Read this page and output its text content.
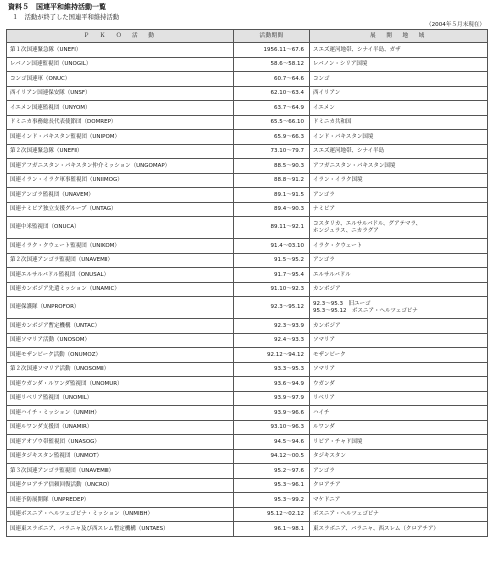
資料５　国連平和維持活動一覧
１　活動が終了した国連平和維持活動
（2004年５月末現在）
Ｐ　Ｋ　Ｏ　活　動	活動期間	展　開　地　域
第１次国連緊急隊（UNEFⅠ）	1956.11～67.6	スエズ運河地帯、シナイ半島、ガザ

レバノン国連監視団（UNOGIL）	58.6～58.12	レバノン・シリア国境

コンゴ国連軍（ONUC）	60.7～64.6	コンゴ

西イリアン国連保安隊（UNSF）	62.10～63.4	西イリアン

イエメン国連監視団（UNYOM）	63.7～64.9	イエメン

ドミニカ事務総長代表使節団（DOMREP）	65.5～66.10	ドミニカ共和国

国連インド・パキスタン監視団（UNIPOM）	65.9～66.3	インド・パキスタン国境

第２次国連緊急隊（UNEFⅡ）	73.10～79.7	スエズ運河地帯、シナイ半島

国連アフガニスタン・パキスタン仲介ミッション（UNGOMAP）	88.5～90.3	アフガニスタン・パキスタン国境

国連イラン・イラク軍事監視団（UNIIMOG）	88.8～91.2	イラン・イラク国境

国連アンゴラ監視団（UNAVEM）	89.1～91.5	アンゴラ

国連ナミビア独立支援グループ（UNTAG）	89.4～90.3	ナミビア

国連中米監視団（ONUCA）	89.11～92.1	コスタリカ、エルサルバドル、グアテマラ、
ホンジュラス、ニカラグア

国連イラク・クウェート監視団（UNIKOM）	91.4～03.10	イラク・クウェート

第２次国連アンゴラ監視団（UNAVEMⅡ）	91.5～95.2	アンゴラ

国連エルサルバドル監視団（ONUSAL）	91.7～95.4	エルサルバドル

国連カンボジア先遣ミッション（UNAMIC）	91.10～92.3	カンボジア

国連保護隊（UNPROFOR）	92.3～95.12	92.3～95.3　旧ユーゴ
95.3～95.12　ボスニア・ヘルツェゴビナ

国連カンボジア暫定機構（UNTAC）	92.3～93.9	カンボジア

国連ソマリア活動（UNOSOM）	92.4～93.3	ソマリア

国連モザンビーク活動（ONUMOZ）	92.12～94.12	モザンビーク

第２次国連ソマリア活動（UNOSOMⅡ）	93.3～95.3	ソマリア

国連ウガンダ・ルワンダ監視団（UNOMUR）	93.6～94.9	ウガンダ

国連リベリア監視団（UNOMIL）	93.9～97.9	リベリア

国連ハイチ・ミッション（UNMIH）	93.9～96.6	ハイチ

国連ルワンダ支援団（UNAMIR）	93.10～96.3	ルワンダ

国連アオゾウ帯監視団（UNASOG）	94.5～94.6	リビア・チャド国境

国連タジキスタン監視団（UNMOT）	94.12～00.5	タジキスタン

第３次国連アンゴラ監視団（UNAVEMⅢ）	95.2～97.6	アンゴラ

国連クロアチア信頼回復活動（UNCRO）	95.3～96.1	クロアチア

国連予防展開隊（UNPREDEP）	95.3～99.2	マケドニア

国連ボスニア・ヘルツェゴビナ・ミッション（UNMIBH）	95.12～02.12	ボスニア・ヘルツェゴビナ

国連東スラボニア、バラニャ及び西スレム暫定機構（UNTAES）	96.1～98.1	東スラボニア、バラニャ、西スレム（クロアチア）
